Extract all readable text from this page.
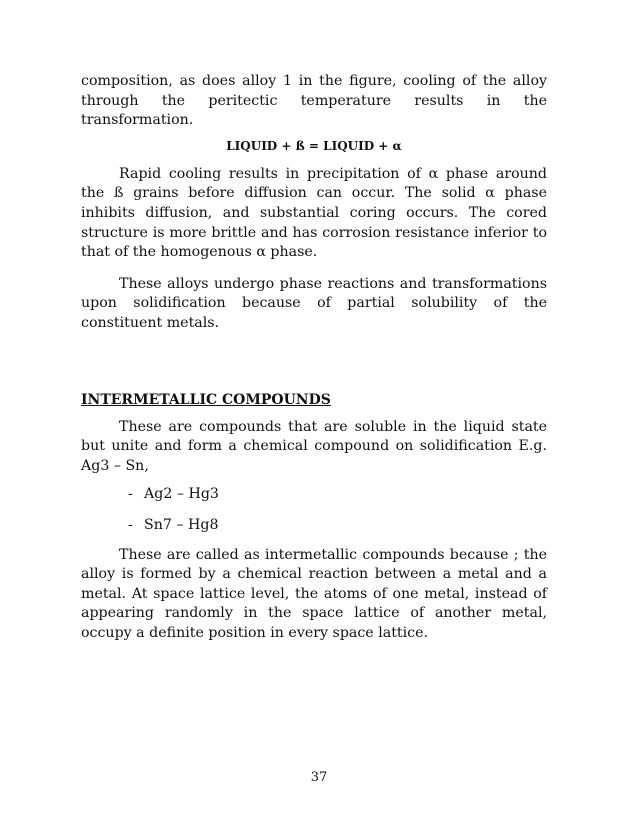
composition, as does alloy 1 in the figure, cooling of the alloy through the peritectic temperature results in the transformation.

LIQUID + ß = LIQUID + α

Rapid cooling results in precipitation of α phase around the ß grains before diffusion can occur. The solid α phase inhibits diffusion, and substantial coring occurs. The cored structure is more brittle and has corrosion resistance inferior to that of the homogenous α phase.

These alloys undergo phase reactions and transformations upon solidification because of partial solubility of the constituent metals.

INTERMETALLIC COMPOUNDS

These are compounds that are soluble in the liquid state but unite and form a chemical compound on solidification E.g. Ag3 – Sn,

- Ag2 – Hg3

- Sn7 – Hg8

These are called as intermetallic compounds because ; the alloy is formed by a chemical reaction between a metal and a metal. At space lattice level, the atoms of one metal, instead of appearing randomly in the space lattice of another metal, occupy a definite position in every space lattice.

37
